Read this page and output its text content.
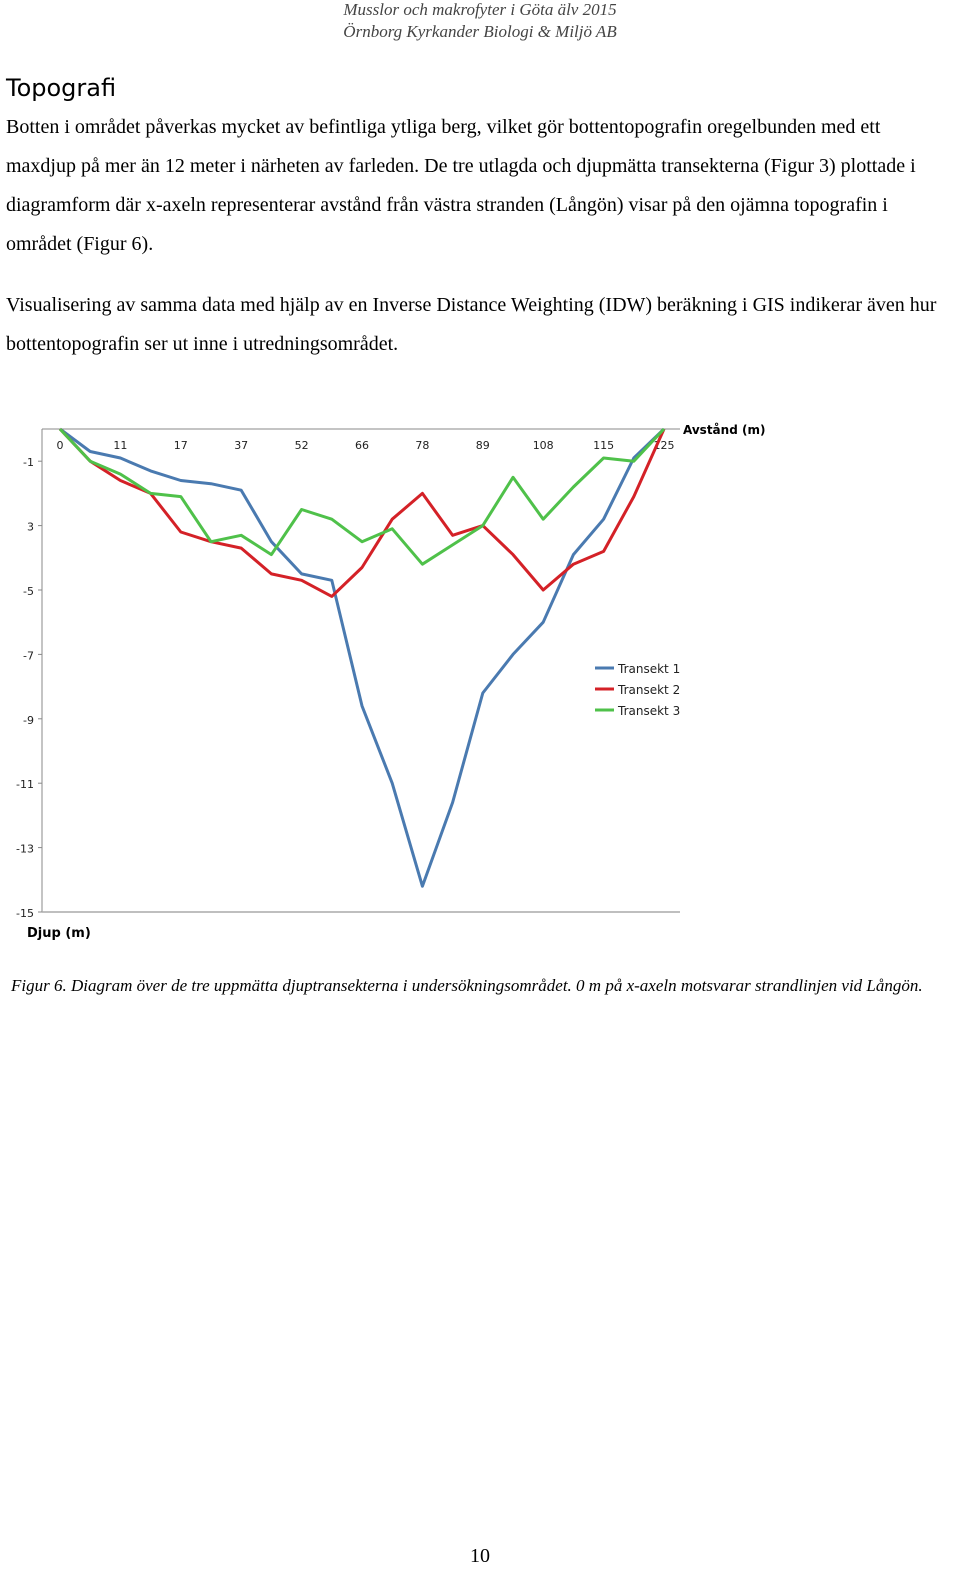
Musslor och makrofyter i Göta älv 2015
Örnborg Kyrkander Biologi & Miljö AB
Topografi
Botten i området påverkas mycket av befintliga ytliga berg, vilket gör bottentopografin oregelbunden med ett maxdjup på mer än 12 meter i närheten av farleden. De tre utlagda och djupmätta transekterna (Figur 3) plottade i diagramform där x-axeln representerar avstånd från västra stranden (Långön) visar på den ojämna topografin i området (Figur 6).
Visualisering av samma data med hjälp av en Inverse Distance Weighting (IDW) beräkning i GIS indikerar även hur bottentopografin ser ut inne i utredningsområdet.
-1
3
-5
-7
-9
-11
-13
-15
0	11	17	37	52	66	78	89	108	115	125
Transekt 1
Transekt 2
Transekt 3
Avstånd (m)
Djup (m)
Figur 6. Diagram över de tre uppmätta djuptransekterna i undersökningsområdet. 0 m på x-axeln motsvarar strandlinjen vid Långön.
10
